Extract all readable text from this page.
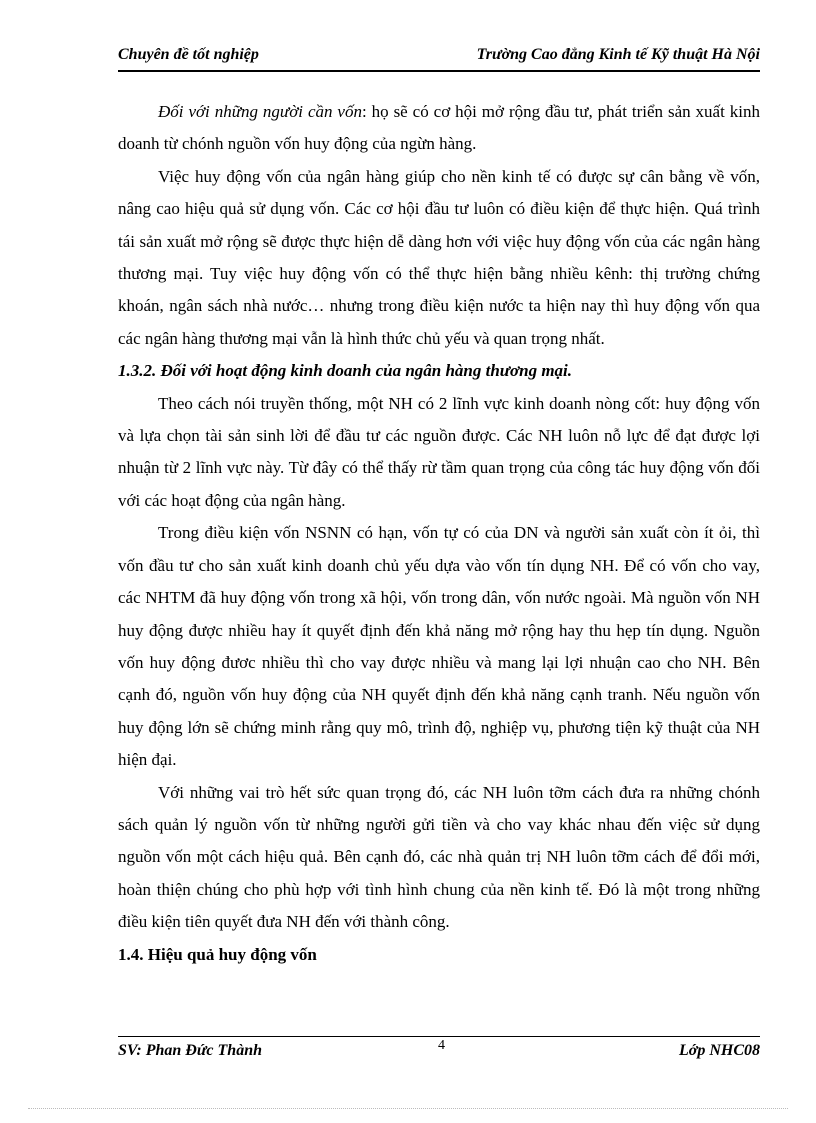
Chuyên đề tốt nghiệp	Trường Cao đẳng Kinh tế Kỹ thuật Hà Nội

Đối với những người cần vốn: họ sẽ có cơ hội mở rộng đầu tư, phát triển sản xuất kinh doanh từ chónh nguồn vốn huy động của ngừn hàng.

Việc huy động vốn của ngân hàng giúp cho nền kinh tế có được sự cân bằng về vốn, nâng cao hiệu quả sử dụng vốn. Các cơ hội đầu tư luôn có điều kiện để thực hiện. Quá trình tái sản xuất mở rộng sẽ được thực hiện dễ dàng hơn với việc huy động vốn của các ngân hàng thương mại. Tuy việc huy động vốn có thể thực hiện bằng nhiều kênh: thị trường chứng khoán, ngân sách nhà nước… nhưng trong điều kiện nước ta hiện nay thì huy động vốn qua các ngân hàng thương mại vẫn là hình thức chủ yếu và quan trọng nhất.

1.3.2. Đối với hoạt động kinh doanh của ngân hàng thương mại.

Theo cách nói truyền thống, một NH có 2 lĩnh vực kinh doanh nòng cốt: huy động vốn và lựa chọn tài sản sinh lời để đầu tư các nguồn được. Các NH luôn nỗ lực để đạt được lợi nhuận từ 2 lĩnh vực này. Từ đây có thể thấy rừ tầm quan trọng của công tác huy động vốn đối với các hoạt động của ngân hàng.

Trong điều kiện vốn NSNN có hạn, vốn tự có của DN và người sản xuất còn ít ỏi, thì vốn đầu tư cho sản xuất kinh doanh chủ yếu dựa vào vốn tín dụng NH. Để có vốn cho vay, các NHTM đã huy động vốn trong xã hội, vốn trong dân, vốn nước ngoài. Mà nguồn vốn NH huy động được nhiều hay ít quyết định đến khả năng mở rộng hay thu hẹp tín dụng. Nguồn vốn huy động đươc nhiều thì cho vay được nhiều và mang lại lợi nhuận cao cho NH. Bên cạnh đó, nguồn vốn huy động của NH quyết định đến khả năng cạnh tranh. Nếu nguồn vốn huy động lớn sẽ chứng minh rằng quy mô, trình độ, nghiệp vụ, phương tiện kỹ thuật của NH hiện đại.

Với những vai trò hết sức quan trọng đó, các NH luôn tỡm cách đưa ra những chónh sách quản lý nguồn vốn từ những người gửi tiền và cho vay khác nhau đến việc sử dụng nguồn vốn một cách hiệu quả. Bên cạnh đó, các nhà quản trị NH luôn tỡm cách để đổi mới, hoàn thiện chúng cho phù hợp với tình hình chung của nền kinh tế. Đó là một trong những điều kiện tiên quyết đưa NH đến với thành công.

1.4. Hiệu quả huy động vốn
SV: Phan Đức Thành	4	Lớp NHC08
